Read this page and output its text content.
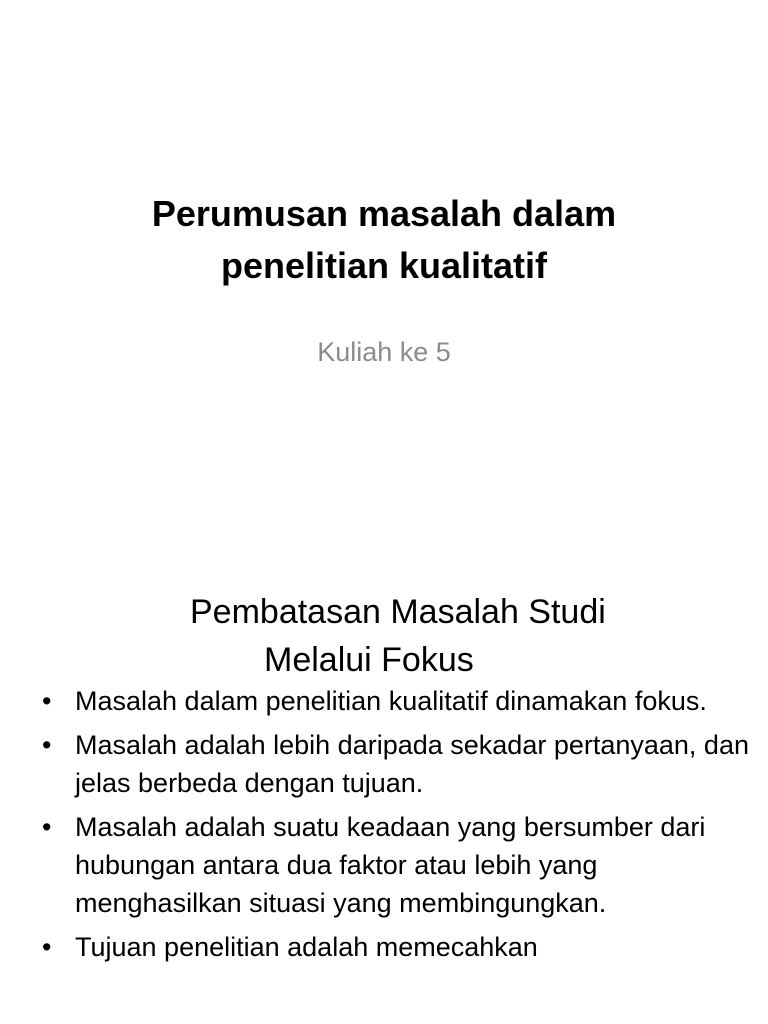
Perumusan masalah dalam
penelitian kualitatif
Kuliah ke 5
Pembatasan Masalah Studi
Melalui Fokus
• Masalah dalam penelitian kualitatif dinamakan fokus.
• Masalah adalah lebih daripada sekadar pertanyaan, dan jelas berbeda dengan tujuan.
• Masalah adalah suatu keadaan yang bersumber dari hubungan antara dua faktor atau lebih yang menghasilkan situasi yang membingungkan.
• Tujuan penelitian adalah memecahkan
